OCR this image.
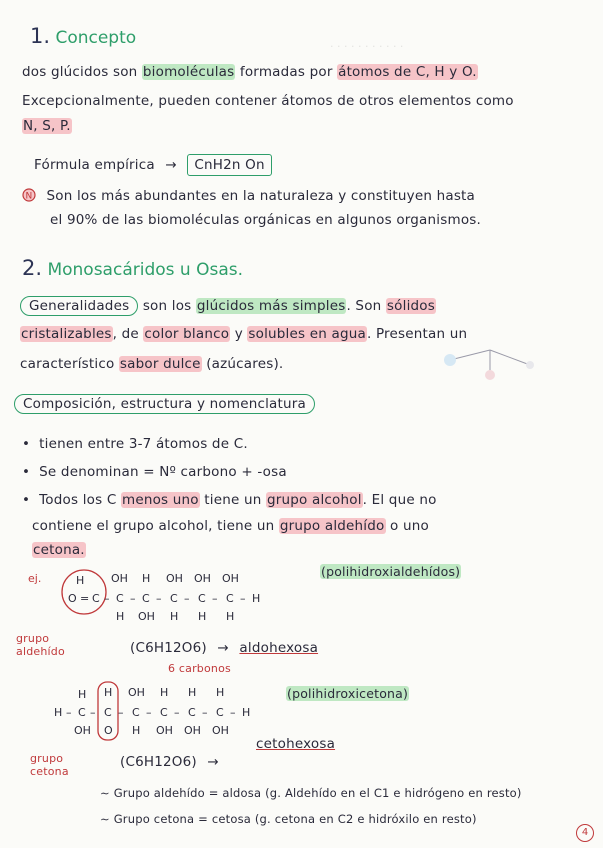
· · · · · · · · · · ·
1. Concepto
dos glúcidos son biomoléculas formadas por átomos de C, H y O.
Excepcionalmente, pueden contener átomos de otros elementos como
N, S, P.
Fórmula empírica → CnH2n On
N Son los más abundantes en la naturaleza y constituyen hasta
el 90% de las biomoléculas orgánicas en algunos organismos.
2. Monosacáridos u Osas.
Generalidades son los glúcidos más simples. Son sólidos
cristalizables, de color blanco y solubles en agua. Presentan un
característico sabor dulce (azúcares).
Composición, estructura y nomenclatura
•  tienen entre 3-7 átomos de C.
•  Se denominan = Nº carbono + -osa
•  Todos los C menos uno tiene un grupo alcohol. El que no
contiene el grupo alcohol, tiene un grupo aldehído o uno
cetona.
ej.	H
O = C – C
OH
H
– C
H
OH
– C
OH
H
– C
OH
H
– C
OH
H
– H
(polihidroxialdehídos)
grupo aldehído	(C6H12O6) → aldohexosa
6 carbonos
H – C
H
OH
– C
H
O
– C
OH
H
– C
H
OH
– C
H
OH
– C
H
OH
– H
(polihidroxicetona)
grupo cetona
(C6H12O6) →
cetohexosa
∼ Grupo aldehído = aldosa (g. Aldehído en el C1 e hidrógeno en resto)
∼ Grupo cetona = cetosa (g. cetona en C2 e hidróxilo en resto)
4
